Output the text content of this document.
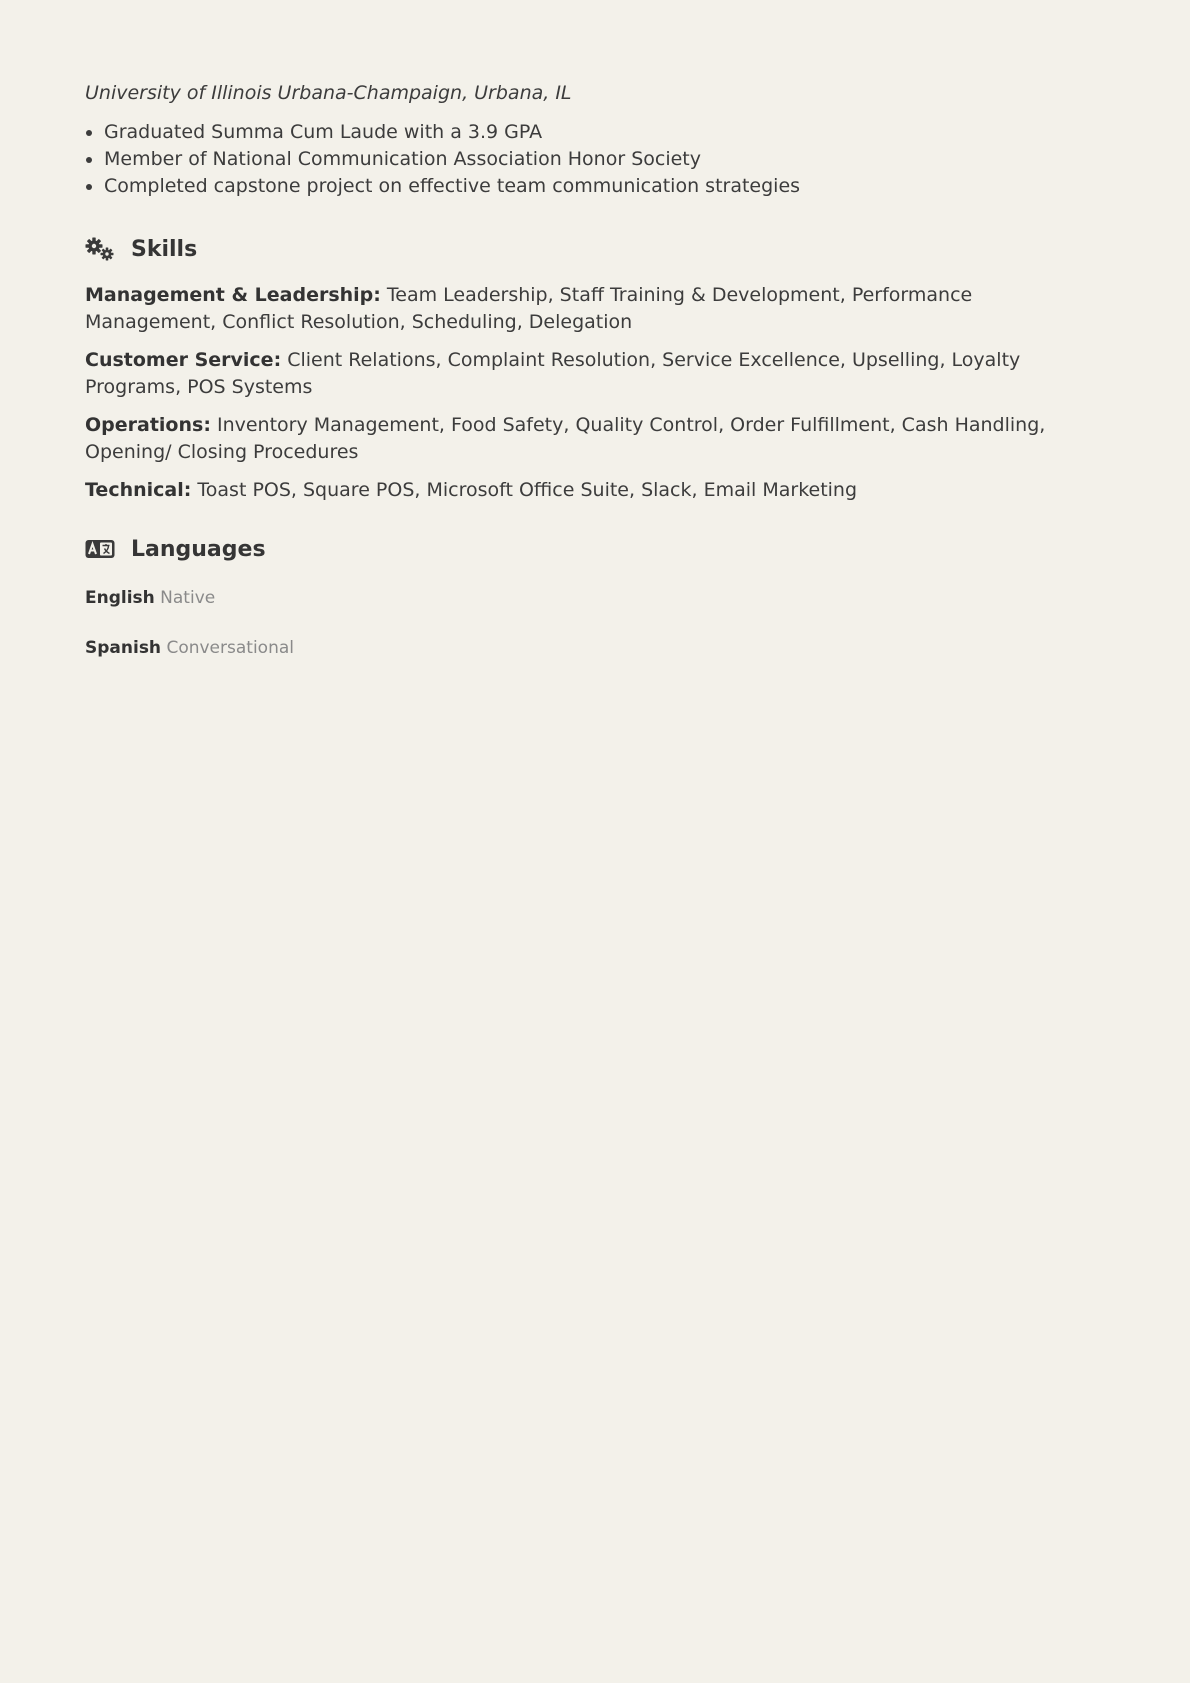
University of Illinois Urbana-Champaign, Urbana, IL
• Graduated Summa Cum Laude with a 3.9 GPA
• Member of National Communication Association Honor Society
• Completed capstone project on effective team communication strategies
Skills
Management & Leadership: Team Leadership, Staff Training & Development, Performance Management, Conflict Resolution, Scheduling, Delegation
Customer Service: Client Relations, Complaint Resolution, Service Excellence, Upselling, Loyalty Programs, POS Systems
Operations: Inventory Management, Food Safety, Quality Control, Order Fulfillment, Cash Handling, Opening/ Closing Procedures
Technical: Toast POS, Square POS, Microsoft Office Suite, Slack, Email Marketing
Languages
English Native
Spanish Conversational
